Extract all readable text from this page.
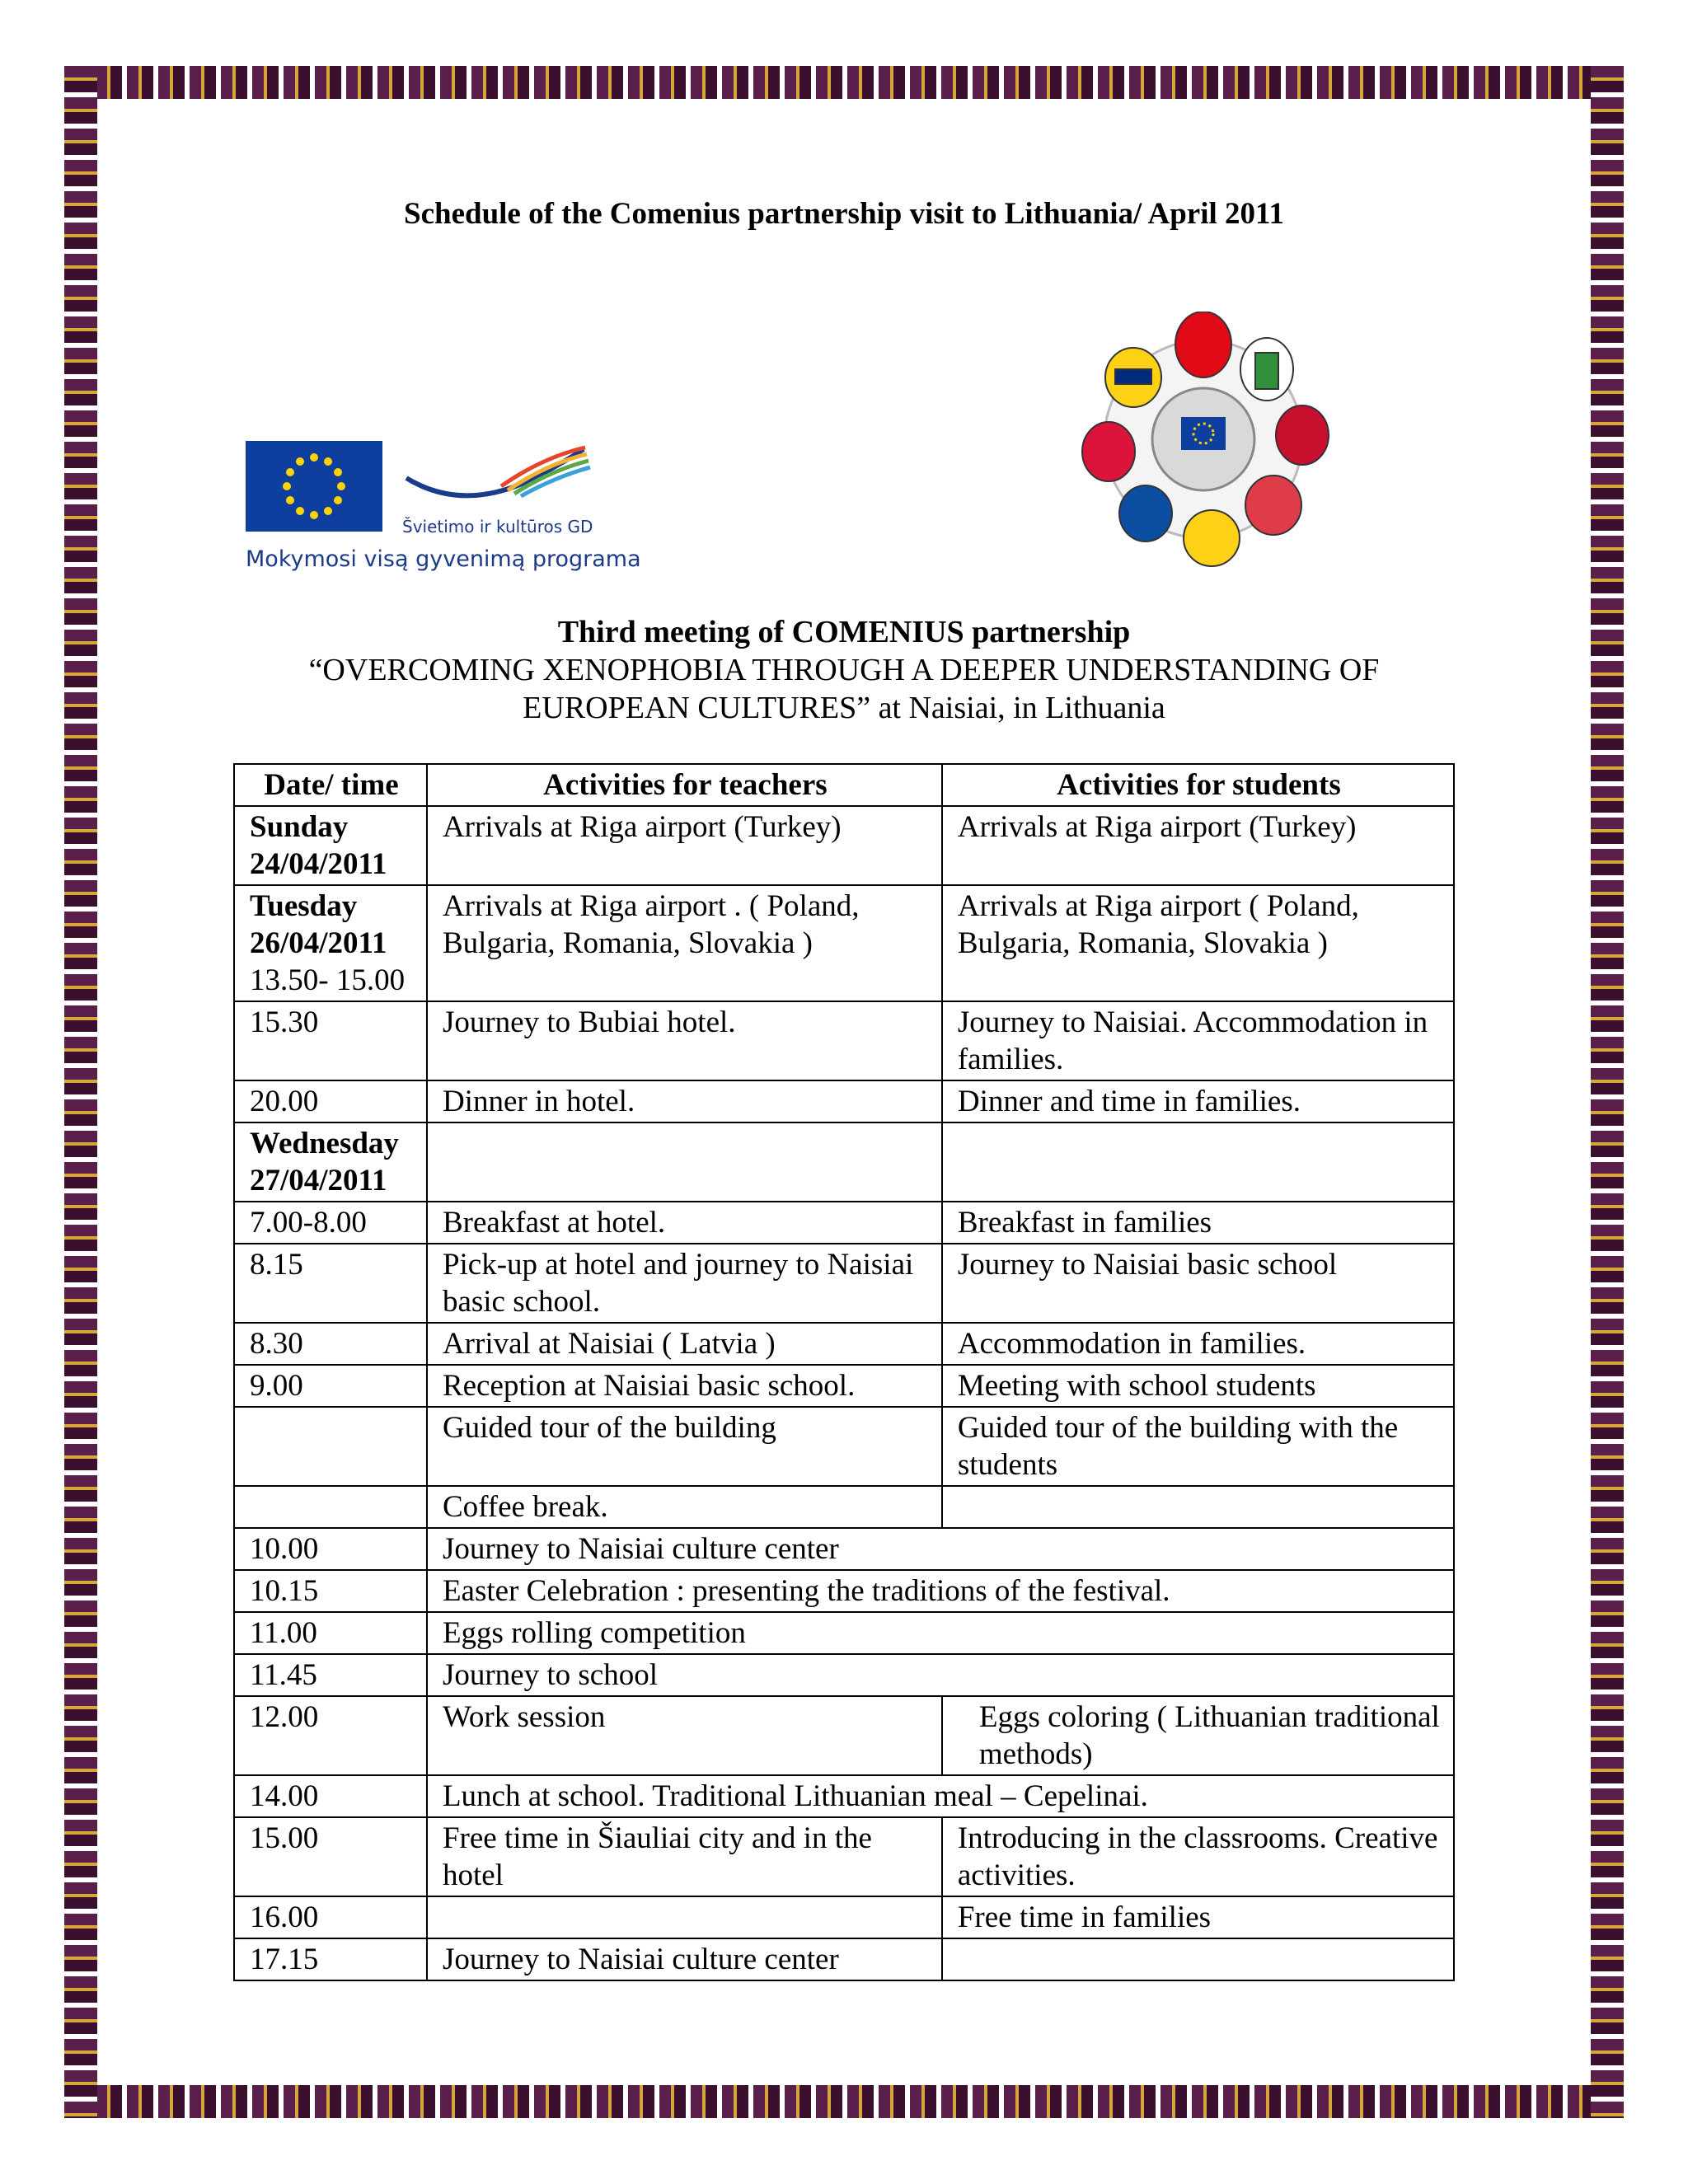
Schedule of the Comenius partnership visit to Lithuania/ April 2011
Švietimo ir kultūros GD
Mokymosi visą gyvenimą programa
Third meeting of COMENIUS partnership
“OVERCOMING XENOPHOBIA THROUGH A DEEPER UNDERSTANDING OF
EUROPEAN CULTURES” at Naisiai, in Lithuania
Date/ time	Activities for teachers	Activities for students

Sunday
24/04/2011	Arrivals at Riga airport (Turkey)	Arrivals at Riga airport (Turkey)

Tuesday
26/04/2011
13.50- 15.00	Arrivals at Riga airport . ( Poland, Bulgaria, Romania, Slovakia )	Arrivals at Riga airport ( Poland, Bulgaria, Romania, Slovakia )
15.30	Journey to Bubiai hotel.	Journey to Naisiai. Accommodation in families.
20.00	Dinner in hotel.	Dinner and time in families.

Wednesday
27/04/2011		

7.00-8.00	Breakfast at hotel.	Breakfast in families
8.15	Pick-up at hotel and journey to Naisiai basic school.	Journey to Naisiai basic school
8.30	Arrival at Naisiai ( Latvia )	Accommodation in families.
9.00	Reception at Naisiai basic school.	Meeting with school students
	Guided tour of the building	Guided tour of the building with the students
	Coffee break.	
10.00	Journey to Naisiai culture center	
10.15	Easter Celebration : presenting the traditions of the festival.	
11.00	Eggs rolling competition	
11.45	Journey to school	
12.00	Work session	Eggs coloring ( Lithuanian traditional methods)
14.00	Lunch at school. Traditional Lithuanian meal – Cepelinai.	
15.00	Free time in Šiauliai city and in the hotel	Introducing in the classrooms. Creative activities.
16.00		Free time in families
17.15	Journey to Naisiai culture center	
